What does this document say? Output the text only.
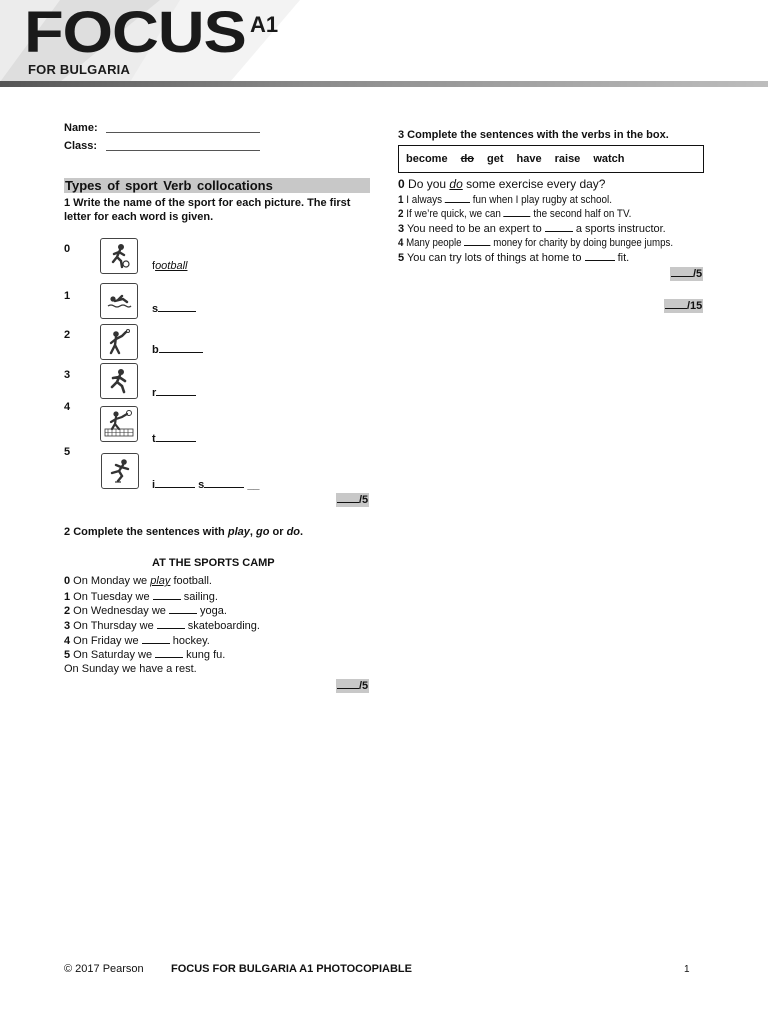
FOCUS A1
FOR BULGARIA
Name:
Class:
Types of sport Verb collocations
1 Write the name of the sport for each picture. The first letter for each word is given.
0
football
1
s
2
b
3
r
4
t
5
i	s	__
/5
2 Complete the sentences with play, go or do.
AT THE SPORTS CAMP
0 On Monday we play football.
1 On Tuesday we	sailing.
2 On Wednesday we	yoga.
3 On Thursday we	skateboarding.
4 On Friday we	hockey.
5 On Saturday we	kung fu.
On Sunday we have a rest.
/5
3 Complete the sentences with the verbs in the box.
become do get have raise watch
0 Do you do some exercise every day?
1 I always  fun when I play rugby at school.
2 If we’re quick, we can  the second half on TV.
3 You need to be an expert to	a sports instructor.
4 Many people  money for charity by doing bungee jumps.
5 You can try lots of things at home to	fit.
/5
/15
© 2017 Pearson FOCUS FOR BULGARIA A1 PHOTOCOPIABLE	1
